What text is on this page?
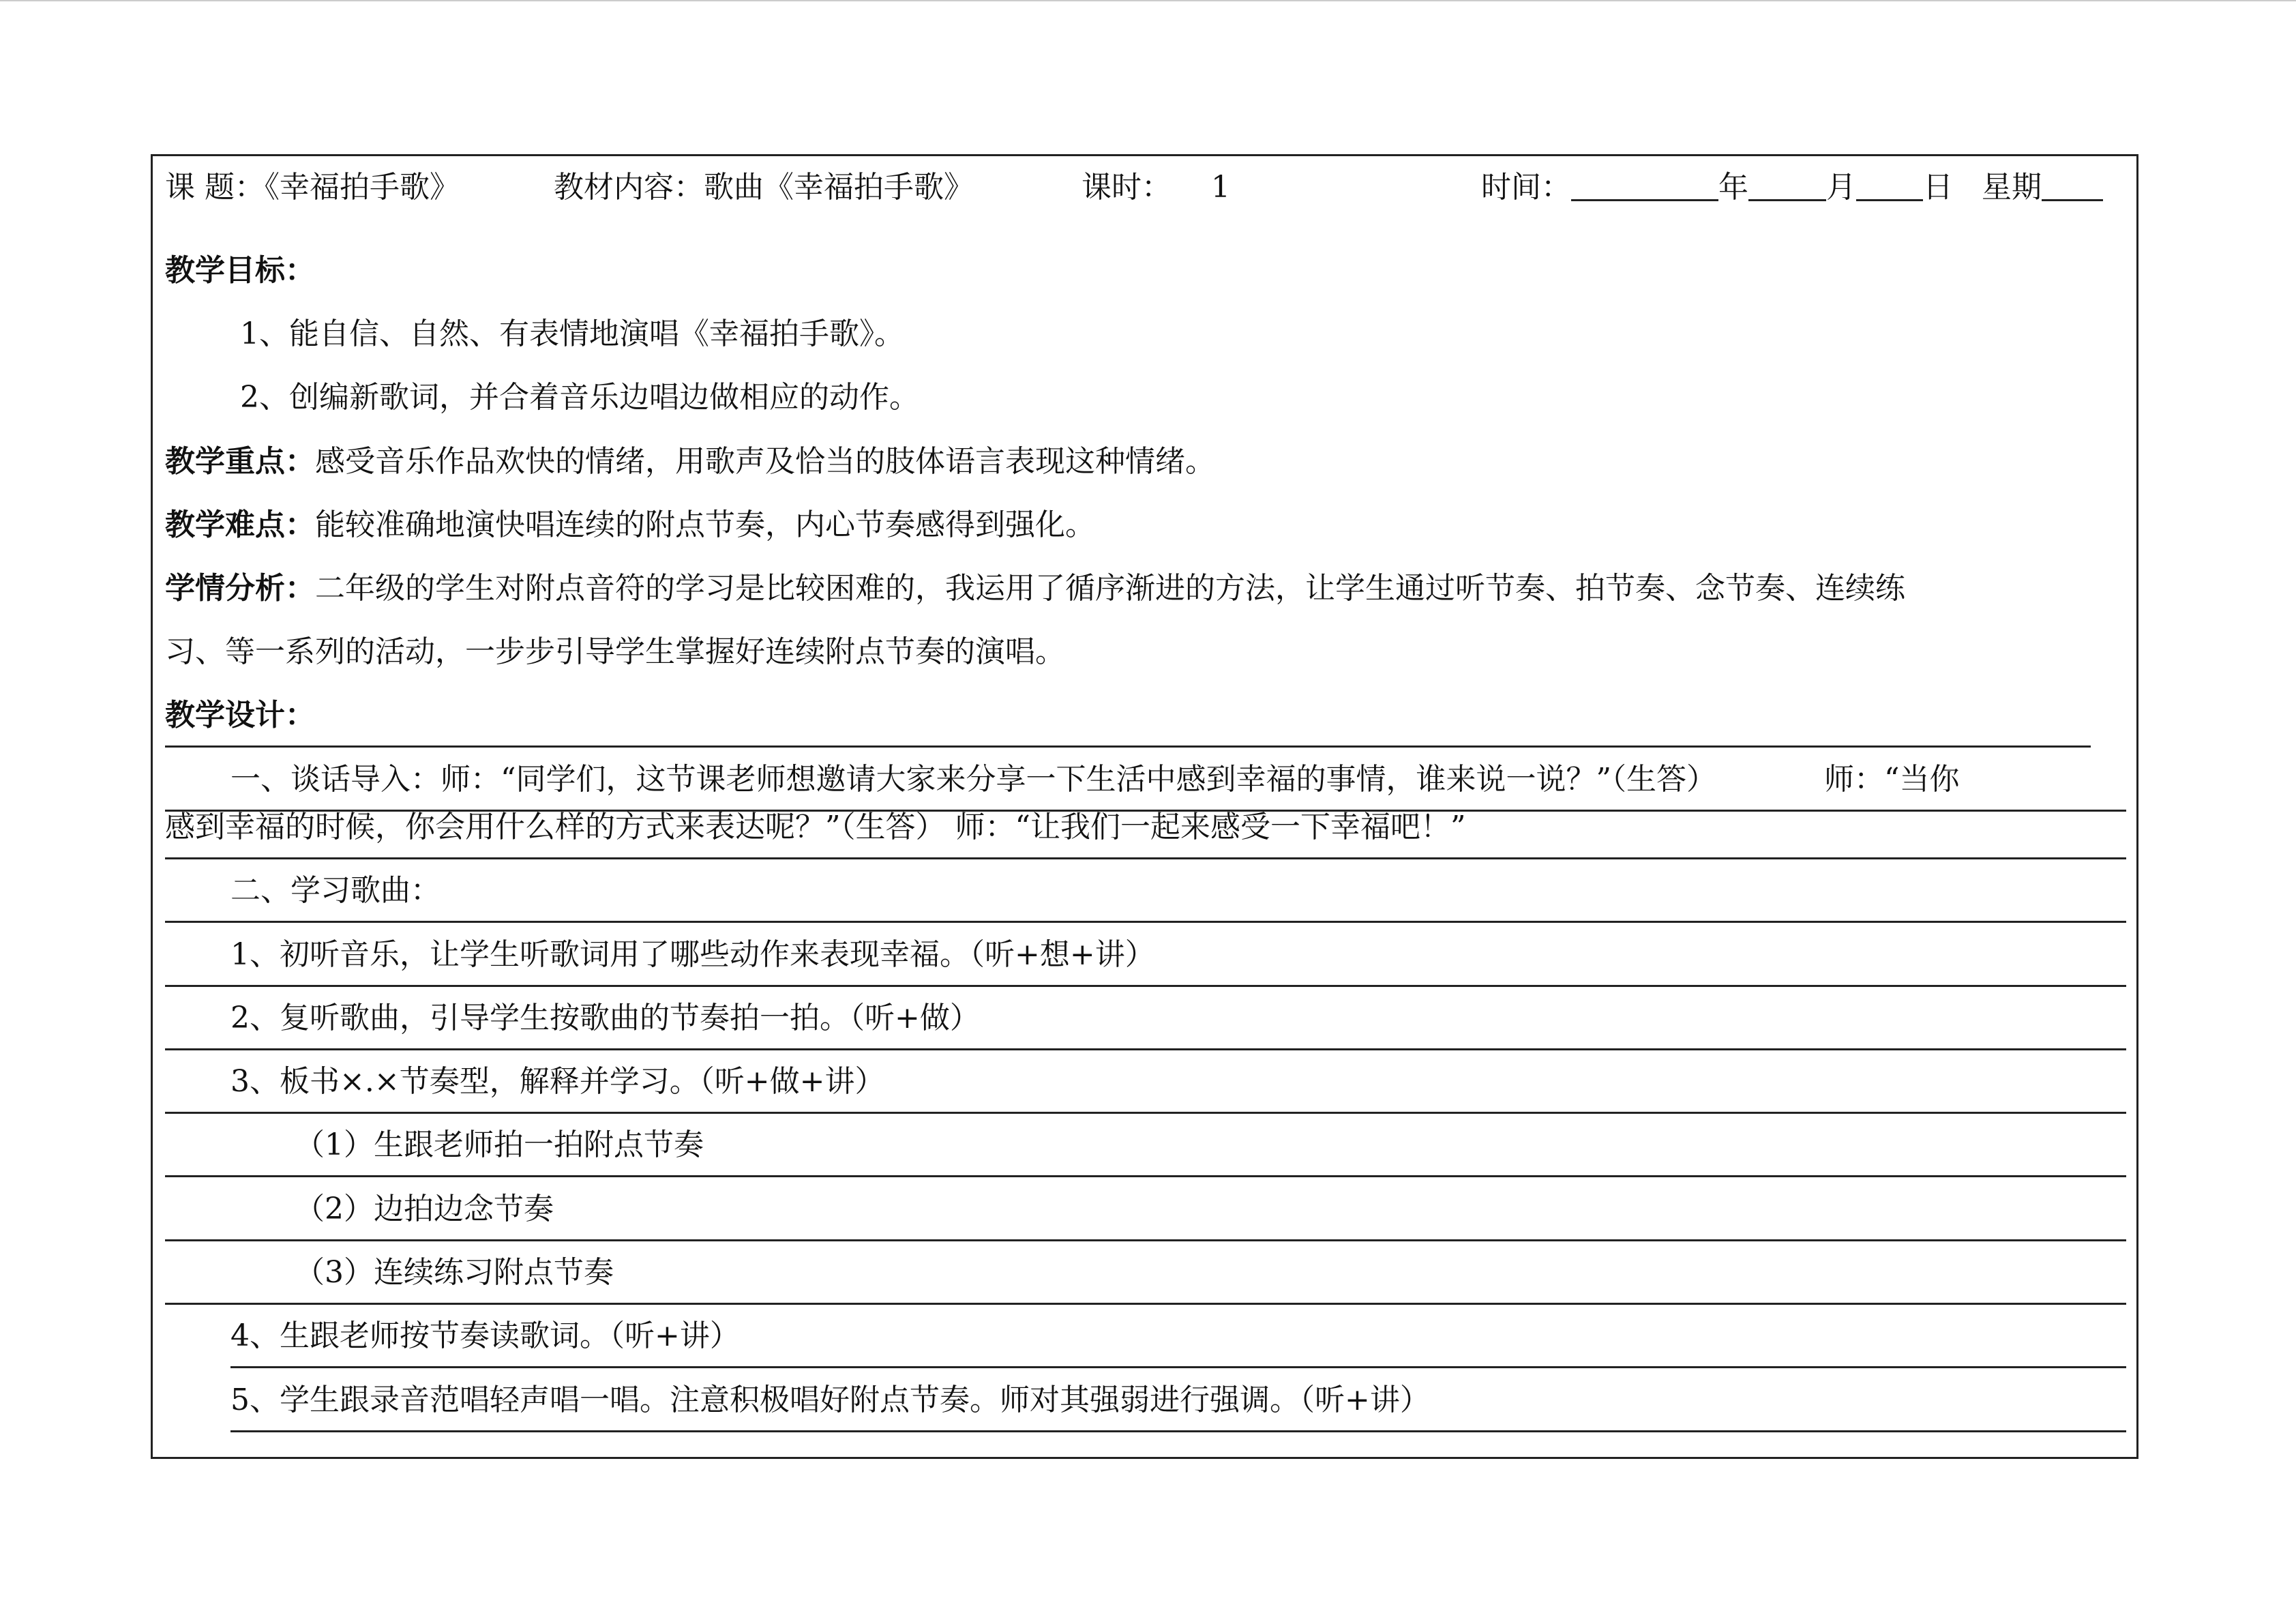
课 题：《幸福拍手歌》	教材内容：歌曲《幸福拍手歌》	课时： 1	时间：	年	月 日 星期
教学目标：
1、能自信、自然、有表情地演唱《幸福拍手歌》。
2、创编新歌词，并合着音乐边唱边做相应的动作。
教学重点：感受音乐作品欢快的情绪，用歌声及恰当的肢体语言表现这种情绪。
教学难点：能较准确地演快唱连续的附点节奏，内心节奏感得到强化。
学情分析：二年级的学生对附点音符的学习是比较困难的，我运用了循序渐进的方法，让学生通过听节奏、拍节奏、念节奏、连续练
习、等一系列的活动，一步步引导学生掌握好连续附点节奏的演唱。
教学设计：
一、谈话导入：师：“同学们，这节课老师想邀请大家来分享一下生活中感到幸福的事情，谁来说一说？”（生答）	师：“当你
感到幸福的时候，你会用什么样的方式来表达呢？”（生答） 师：“让我们一起来感受一下幸福吧！”
二、学习歌曲：
1、初听音乐，让学生听歌词用了哪些动作来表现幸福。（听+想+讲）
2、复听歌曲，引导学生按歌曲的节奏拍一拍。（听+做）
3、板书×.×节奏型，解释并学习。（听+做+讲）
（1）生跟老师拍一拍附点节奏
（2）边拍边念节奏
（3）连续练习附点节奏
4、生跟老师按节奏读歌词。（听+讲）
5、学生跟录音范唱轻声唱一唱。注意积极唱好附点节奏。师对其强弱进行强调。（听+讲）
